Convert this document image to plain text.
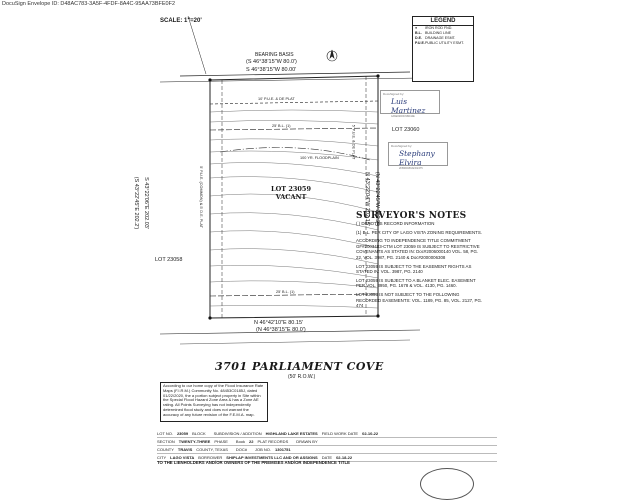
DocuSign Envelope ID: D48AC783-3A5F-4FDF-8A4C-95AA73BFE0F2
SCALE: 1"=20'
BEARING BASIS
(S 46°38'15"W 80.0')
S 46°38'15"W 80.00'
N 46°42'10"E 80.15'
(N 46°38'15"E 80.0')
(S 43°22'45"E 202.2') S 43°22'06"E 202.03'	(N 43°22'45"W 202.2')
N 43°22'04"W 202.15'
10' P.U.E. & DE PLAT
25' B.L. (1)
25' B.L. (1)
5' P.U.E. (COMMON) & 5' D.E. PLAT
5' P.U.E. & DE PLAT
100 YR. FLOODPLAIN
LOT 23059
VACANT
LOT 23060
LOT 23058
LEGEND
●	IRON ROD FND.
B.L. BUILDING LINE
D.E. DRAINAGE ESMT.
P.U.E. PUBLIC UTILITY ESMT.
DocuSigned by:
Luis Martinez
4A6E02D0C96D44E
DocuSigned by:
Stephany Elvira
2FB0D1B6AFD2475
SURVEYOR'S NOTES
( ) DENOTES RECORD INFORMATION
(1) B.L. PER CITY OF LAGO VISTA ZONING REQUIREMENTS.
ACCORDING TO INDEPENDENCE TITLE COMMITMENT GF#2003483-CTM LOT 23059 IS SUBJECT TO RESTRICTIVE COVENANTS AS STATED IN: Doc#2006000140 VOL. 58, PG. 22, VOL. 3987, PG. 2140 & Doc#2000006308
LOT 23059 IS SUBJECT TO THE EASEMENT RIGHTS AS STATED IN: VOL. 3987, PG. 2140
LOT 23059 IS SUBJECT TO A BLANKET ELEC. EASEMENT PER VOL. 3950, PG. 1678 & VOL. 4130, PG. 1460.
LOT 23059 IS NOT SUBJECT TO THE FOLLOWING RECORDED EASEMENTS: VOL. 1189, PG. 85, VOL. 2127, PG. 474
3701 PARLIAMENT COVE
(50' R.O.W.)
According to our home copy of the Flood Insurance Rate Maps (F.I.R.M.) Community No. 48453C0185J, dated 01/22/2020, the a portion subject property in Site within the Special Flood Hazard Zone Area & has a Zone AE rating. All Points Surveying has not independently determined flood study and does not warrant the accuracy of any future revision of the F.E.M.A. map.
LOT NO. 23059 BLOCK SUBDIVISION / ADDITION HIGHLAND LAKE ESTATES FIELD WORK DATE 02-10-22
SECTION TWENTY-THREE PHASE Book 22 PLAT RECORDS DRAWN BY
COUNTY TRAVIS COUNTY, TEXAS DOC# JOB NO. 1301751
CITY LAGO VISTA BORROWER SHIPLAP INVESTMENTS LLC AND OR ASSIGNS DATE 02-18-22
TO THE LIENHOLDERS AND/OR OWNERS OF THE PREMISES AND/OR INDEPENDENCE TITLE
